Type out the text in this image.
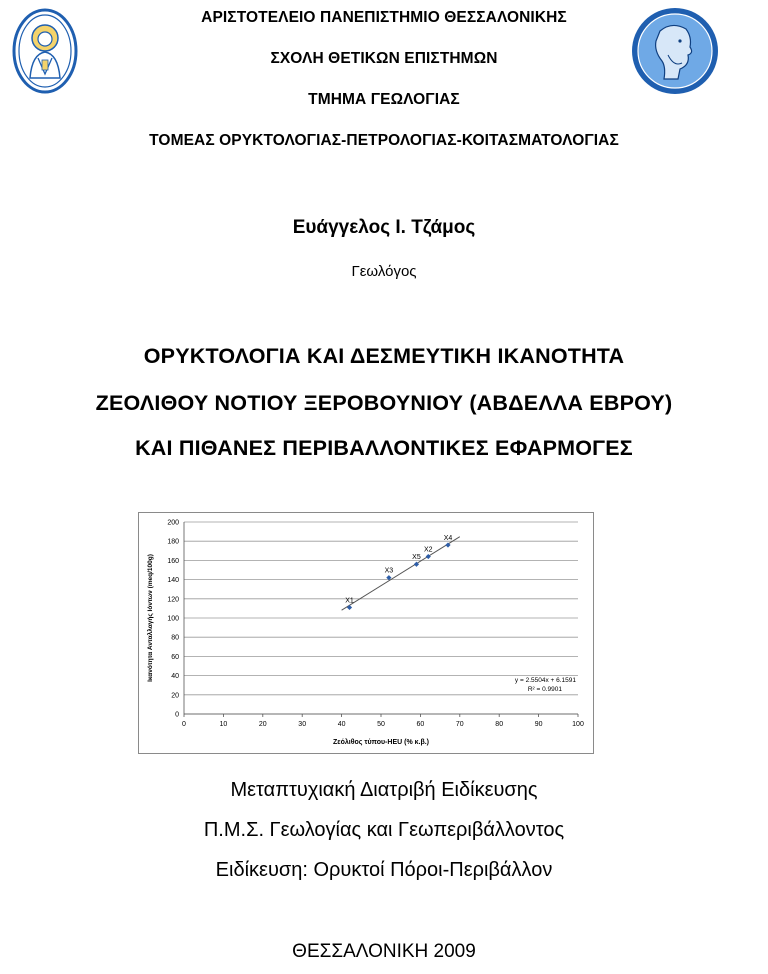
ΑΡΙΣΤΟΤΕΛΕΙΟ ΠΑΝΕΠΙΣΤΗΜΙΟ ΘΕΣΣΑΛΟΝΙΚΗΣ
ΣΧΟΛΗ ΘΕΤΙΚΩΝ ΕΠΙΣΤΗΜΩΝ
ΤΜΗΜΑ ΓΕΩΛΟΓΙΑΣ
ΤΟΜΕΑΣ ΟΡΥΚΤΟΛΟΓΙΑΣ-ΠΕΤΡΟΛΟΓΙΑΣ-ΚΟΙΤΑΣΜΑΤΟΛΟΓΙΑΣ
Ευάγγελος Ι. Τζάμος
Γεωλόγος
ΟΡΥΚΤΟΛΟΓΙΑ ΚΑΙ ΔΕΣΜΕΥΤΙΚΗ ΙΚΑΝΟΤΗΤΑ
ΖΕΟΛΙΘΟΥ ΝΟΤΙΟΥ ΞΕΡΟΒΟΥΝΙΟΥ (ΑΒΔΕΛΛΑ ΕΒΡΟΥ)
ΚΑΙ ΠΙΘΑΝΕΣ ΠΕΡΙΒΑΛΛΟΝΤΙΚΕΣ ΕΦΑΡΜΟΓΕΣ
0
20
40
60
80
100
120
140
160
180
200
0	10	20	30	40	50	60	70	80	90	100
X1
X3
X5
X2
X4
y = 2.5504x + 6.1591
R² = 0.9901
Ζεόλιθος τύπου-HEU (% κ.β.)
Ικανότητα Ανταλλαγής Ιόντων (meq/100g)
Μεταπτυχιακή Διατριβή Ειδίκευσης
Π.Μ.Σ. Γεωλογίας και Γεωπεριβάλλοντος
Ειδίκευση: Ορυκτοί Πόροι-Περιβάλλον
ΘΕΣΣΑΛΟΝΙΚΗ 2009
